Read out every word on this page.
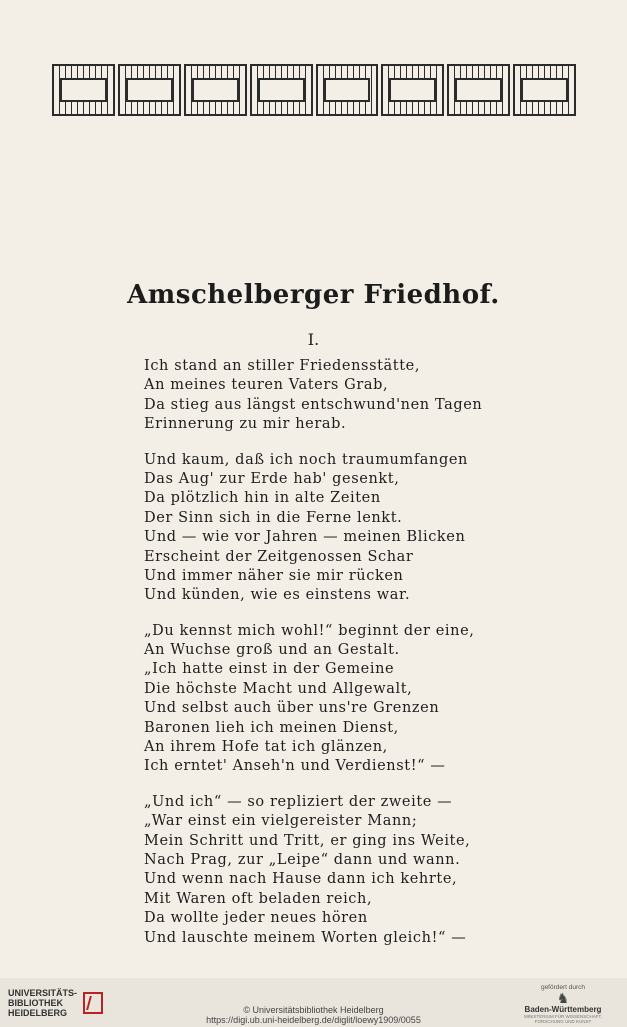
Amschelberger Friedhof.
I.
Ich stand an stiller Friedensstätte,
An meines teuren Vaters Grab,
Da stieg aus längst entschwund'nen Tagen
Erinnerung zu mir herab.
Und kaum, daß ich noch traumumfangen
Das Aug' zur Erde hab' gesenkt,
Da plötzlich hin in alte Zeiten
Der Sinn sich in die Ferne lenkt.
Und — wie vor Jahren — meinen Blicken
Erscheint der Zeitgenossen Schar
Und immer näher sie mir rücken
Und künden, wie es einstens war.
„Du kennst mich wohl!“ beginnt der eine,
An Wuchse groß und an Gestalt.
„Ich hatte einst in der Gemeine
Die höchste Macht und Allgewalt,
Und selbst auch über uns're Grenzen
Baronen lieh ich meinen Dienst,
An ihrem Hofe tat ich glänzen,
Ich erntet' Anseh'n und Verdienst!“ —
„Und ich“ — so repliziert der zweite —
„War einst ein vielgereister Mann;
Mein Schritt und Tritt, er ging ins Weite,
Nach Prag, zur „Leipe“ dann und wann.
Und wenn nach Hause dann ich kehrte,
Mit Waren oft beladen reich,
Da wollte jeder neues hören
Und lauschte meinem Worten gleich!“ —
UNIVERSITÄTS-
BIBLIOTHEK
HEIDELBERG	© Universitätsbibliothek Heidelberg
https://digi.ub.uni-heidelberg.de/diglit/loewy1909/0055
gefördert durch
♞
Baden-Württemberg
MINISTERIUM FÜR WISSENSCHAFT, FORSCHUNG UND KUNST
